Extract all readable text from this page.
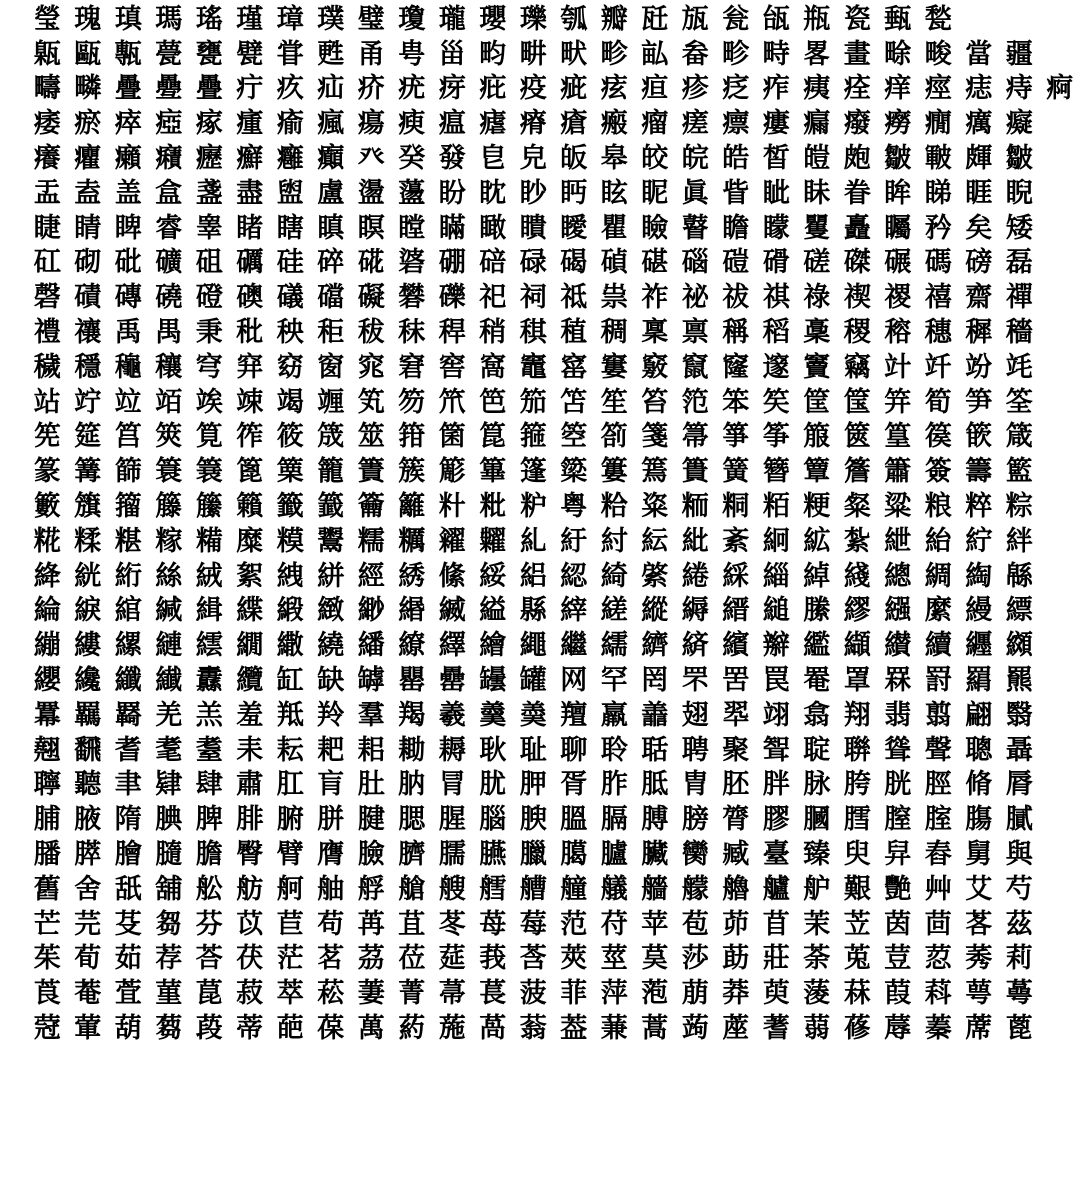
瑩 瑰 瑱 瑪 瑤 瑾 璋 璞 璧 瓊 瓏 瓔 瓅 瓠 瓣 瓩 瓬 瓮 瓵 瓶 瓷 甀 甃
甈 甌 甎 甍 甕 甓 甞 甦 甬 甹 甾 畇 畊 畎 畛 畆 畚 畛 畤 畧 畫 畭 畯 當 疆
疇 疄 疊 疉 疊 疔 疚 疝 疥 疣 疨 疪 疫 疵 痃 疸 疹 疺 痄 痍 痊 痒 痙 痣 痔 痾
痿 瘀 瘁 瘂 瘃 瘇 瘉 瘋 瘍 瘐 瘟 瘧 瘠 瘡 瘢 瘤 瘥 瘭 瘻 瘺 癈 癆 癇 癘 癡
癢 癯 癩 癪 癧 癬 癰 癲 癶 癸 發 皀 皃 皈 皋 皎 皖 皓 皙 皚 皰 皺 皸 皹 皺
盂 盍 盖 盒 盞 盡 盥 盧 盪 蘯 盼 眈 眇 眄 眩 眤 眞 眥 眦 眛 眷 眸 睇 睚 睨
睫 睛 睥 睿 睾 睹 瞎 瞋 瞑 瞠 瞞 瞰 瞶 瞹 瞿 瞼 瞽 瞻 矇 矍 矗 矚 矜 矣 矮
矼 砌 砒 礦 砠 礪 硅 碎 硴 碆 硼 碚 碌 碣 碵 碪 碯 磑 磆 磋 磔 碾 碼 磅 磊
磬 磧 磚 磽 磴 礇 礒 礑 礙 礬 礫 祀 祠 祗 祟 祚 祕 祓 祺 祿 禊 禝 禧 齋 禪
禮 禳 禹 禺 秉 秕 秧 秬 秡 秣 稈 稍 稘 稙 稠 稟 禀 稱 稻 稾 稷 穃 穗 穉 穡
穢 穩 龝 穰 穹 穽 窈 窗 窕 窘 窖 窩 竈 窰 窶 竅 竄 窿 邃 竇 竊 竍 竏 竕 竓
站 竚 竝 竡 竢 竦 竭 竰 笂 笏 笊 笆 笳 笘 笙 笞 笵 笨 笶 筐 筺 笄 筍 笋 筌
筅 筵 筥 筴 筧 筰 筱 筬 筮 箝 箘 箟 箍 箜 箚 箋 箒 箏 筝 箙 篋 篁 篌 篏 箴
篆 篝 篩 簑 簔 篦 篥 籠 簀 簇 簓 篳 篷 簗 簍 篶 簣 簧 簪 簟 簷 簫 簽 籌 籃
籔 籏 籀 籐 籘 籟 籤 籖 籥 籬 籵 粃 粐 粤 粭 粢 粫 粡 粨 粳 粲 粱 粮 粹 粽
糀 糅 糂 糘 糒 糜 糢 鬻 糯 糲 糴 糶 糺 紆 紂 紜 紕 紊 絅 絋 紮 紲 紿 紵 絆
絳 絖 絎 絲 絨 絮 絏 絣 經 綉 絛 綏 絽 綛 綺 綮 綣 綵 緇 綽 綫 總 綢 綯 緜
綸 綟 綰 緘 緝 緤 緞 緻 緲 緡 縅 縊 縣 縡 縒 縱 縟 縉 縋 縢 繆 繦 縻 縵 縹
繃 縷 縲 縺 繧 繝 繖 繞 繙 繚 繹 繪 繩 繼 繻 纃 緕 繽 辮 繿 纈 纉 續 纒 纐
纓 纔 纖 纎 纛 纜 缸 缺 罅 罌 罍 罎 罐 网 罕 罔 罘 罟 罠 罨 罩 罧 罸 羂 羆
羃 羈 羇 羌 羔 羞 羝 羚 羣 羯 羲 羹 羮 羶 羸 譱 翅 翆 翊 翕 翔 翡 翦 翩 翳
翹 飜 耆 耄 耋 耒 耘 耙 耜 耡 耨 耿 耻 聊 聆 聒 聘 聚 聟 聢 聨 聳 聲 聰 聶
聹 聽 聿 肄 肆 肅 肛 肓 肚 肭 冐 肬 胛 胥 胙 胝 胄 胚 胖 脉 胯 胱 脛 脩 脣
脯 腋 隋 腆 脾 腓 腑 胼 腱 腮 腥 腦 腴 膃 膈 膊 膀 膂 膠 膕 膤 膣 腟 膓 膩
膰 膵 膾 膸 膽 臀 臂 膺 臉 臍 臑 臙 臘 臈 臚 臟 臠 臧 臺 臻 臾 舁 舂 舅 與
舊 舍 舐 舖 舩 舫 舸 舳 艀 艙 艘 艝 艚 艟 艤 艢 艨 艪 艫 舮 艱 艷 艸 艾 芍
芒 芫 芟 芻 芬 苡 苣 苟 苒 苴 苳 苺 莓 范 苻 苹 苞 茆 苜 茉 苙 茵 茴 茖 茲
茱 荀 茹 荐 荅 茯 茫 茗 茘 莅 莚 莪 莟 莢 莖 茣 莎 莇 莊 荼 莵 荳 荵 莠 莉
莨 菴 萓 菫 菎 菽 萃 菘 萋 菁 菷 萇 菠 菲 萍 萢 萠 莽 萸 蔆 菻 葭 萪 萼 蕚
蒄 葷 葫 蒭 葮 蒂 葩 葆 萬 葯 葹 萵 蓊 葢 蒹 蒿 蒟 蓙 蓍 蒻 蓚 蓐 蓁 蓆 蓖
